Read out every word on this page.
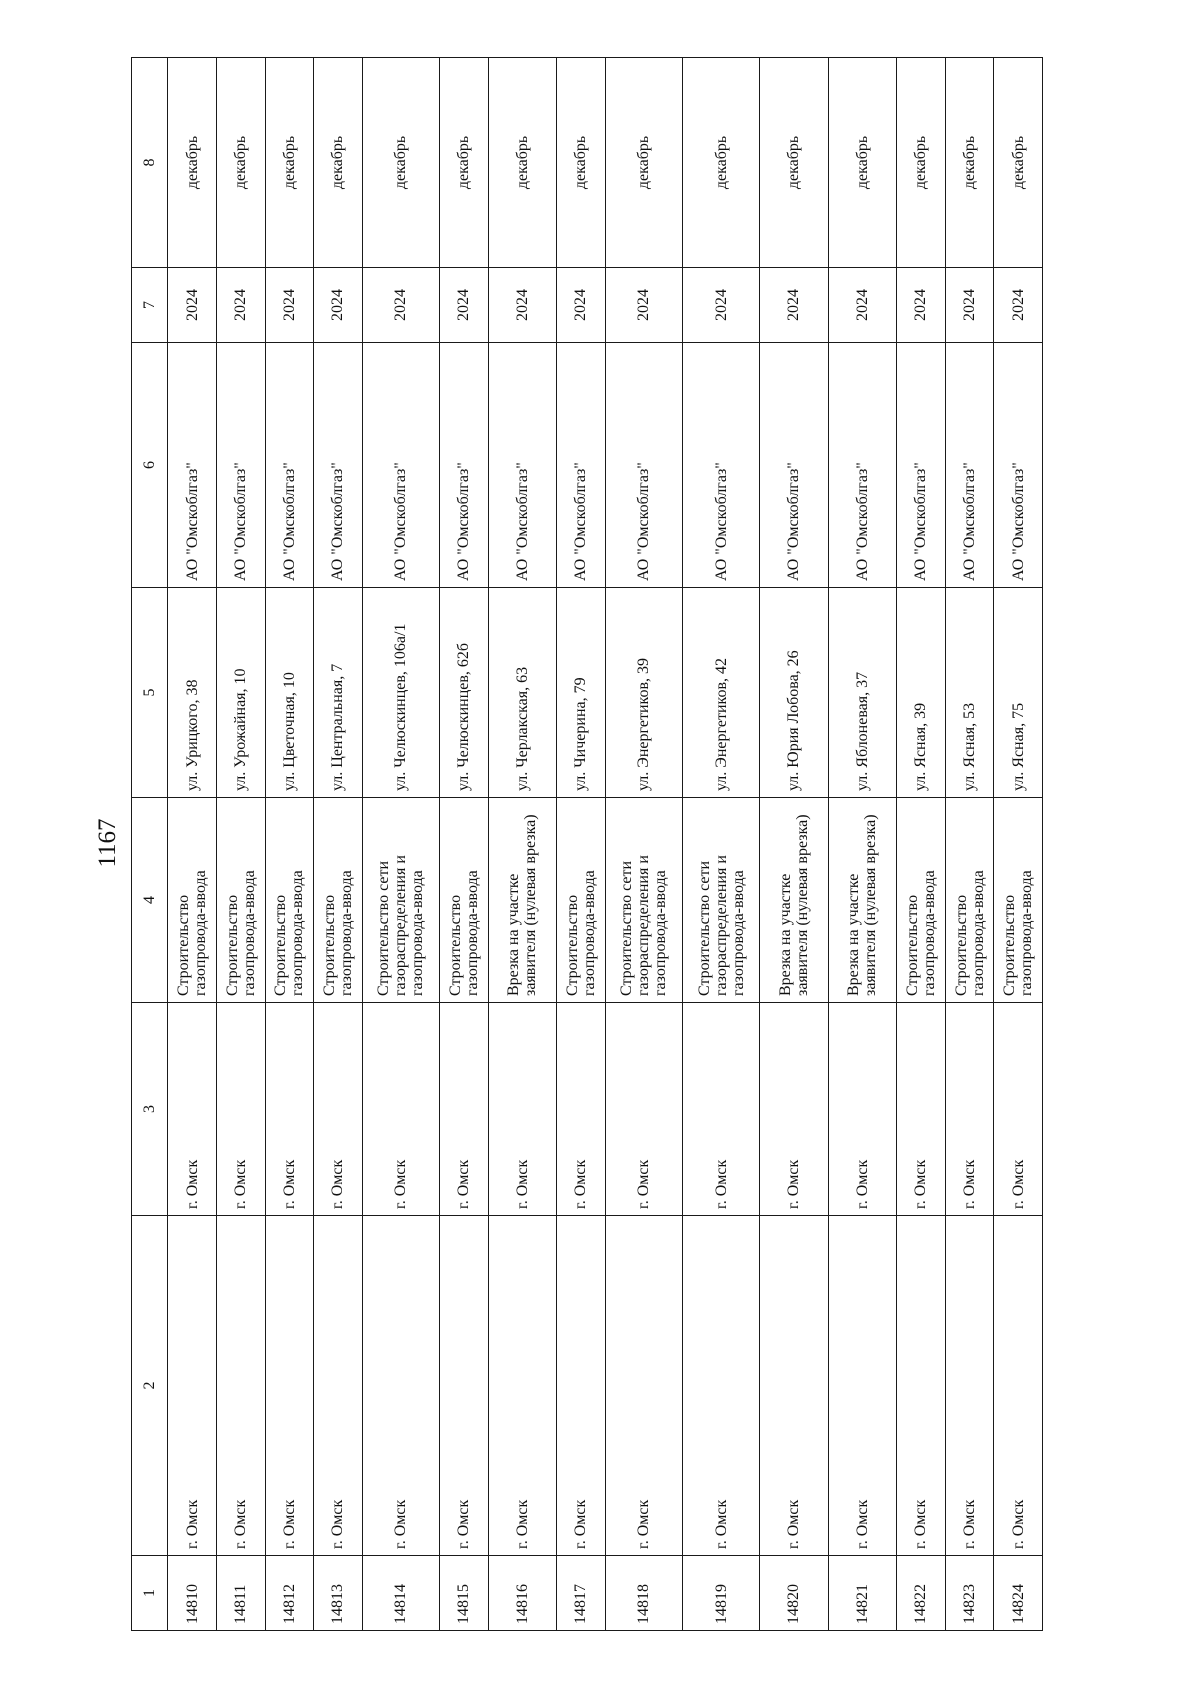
1167
1	2	3	4	5	6	7	8
14810	г. Омск	г. Омск	Строительство газопровода-ввода	ул. Урицкого, 38	АО "Омскоблгаз"	2024	декабрь
14811	г. Омск	г. Омск	Строительство газопровода-ввода	ул. Урожайная, 10	АО "Омскоблгаз"	2024	декабрь
14812	г. Омск	г. Омск	Строительство газопровода-ввода	ул. Цветочная, 10	АО "Омскоблгаз"	2024	декабрь
14813	г. Омск	г. Омск	Строительство газопровода-ввода	ул. Центральная, 7	АО "Омскоблгаз"	2024	декабрь
14814	г. Омск	г. Омск	Строительство сети газораспределения и газопровода-ввода	ул. Челюскинцев, 106а/1	АО "Омскоблгаз"	2024	декабрь
14815	г. Омск	г. Омск	Строительство газопровода-ввода	ул. Челюскинцев, 62б	АО "Омскоблгаз"	2024	декабрь
14816	г. Омск	г. Омск	Врезка на участке заявителя (нулевая врезка)	ул. Черлакская, 63	АО "Омскоблгаз"	2024	декабрь
14817	г. Омск	г. Омск	Строительство газопровода-ввода	ул. Чичерина, 79	АО "Омскоблгаз"	2024	декабрь
14818	г. Омск	г. Омск	Строительство сети газораспределения и газопровода-ввода	ул. Энергетиков, 39	АО "Омскоблгаз"	2024	декабрь
14819	г. Омск	г. Омск	Строительство сети газораспределения и газопровода-ввода	ул. Энергетиков, 42	АО "Омскоблгаз"	2024	декабрь
14820	г. Омск	г. Омск	Врезка на участке заявителя (нулевая врезка)	ул. Юрия Лобова, 26	АО "Омскоблгаз"	2024	декабрь
14821	г. Омск	г. Омск	Врезка на участке заявителя (нулевая врезка)	ул. Яблоневая, 37	АО "Омскоблгаз"	2024	декабрь
14822	г. Омск	г. Омск	Строительство газопровода-ввода	ул. Ясная, 39	АО "Омскоблгаз"	2024	декабрь
14823	г. Омск	г. Омск	Строительство газопровода-ввода	ул. Ясная, 53	АО "Омскоблгаз"	2024	декабрь
14824	г. Омск	г. Омск	Строительство газопровода-ввода	ул. Ясная, 75	АО "Омскоблгаз"	2024	декабрь
